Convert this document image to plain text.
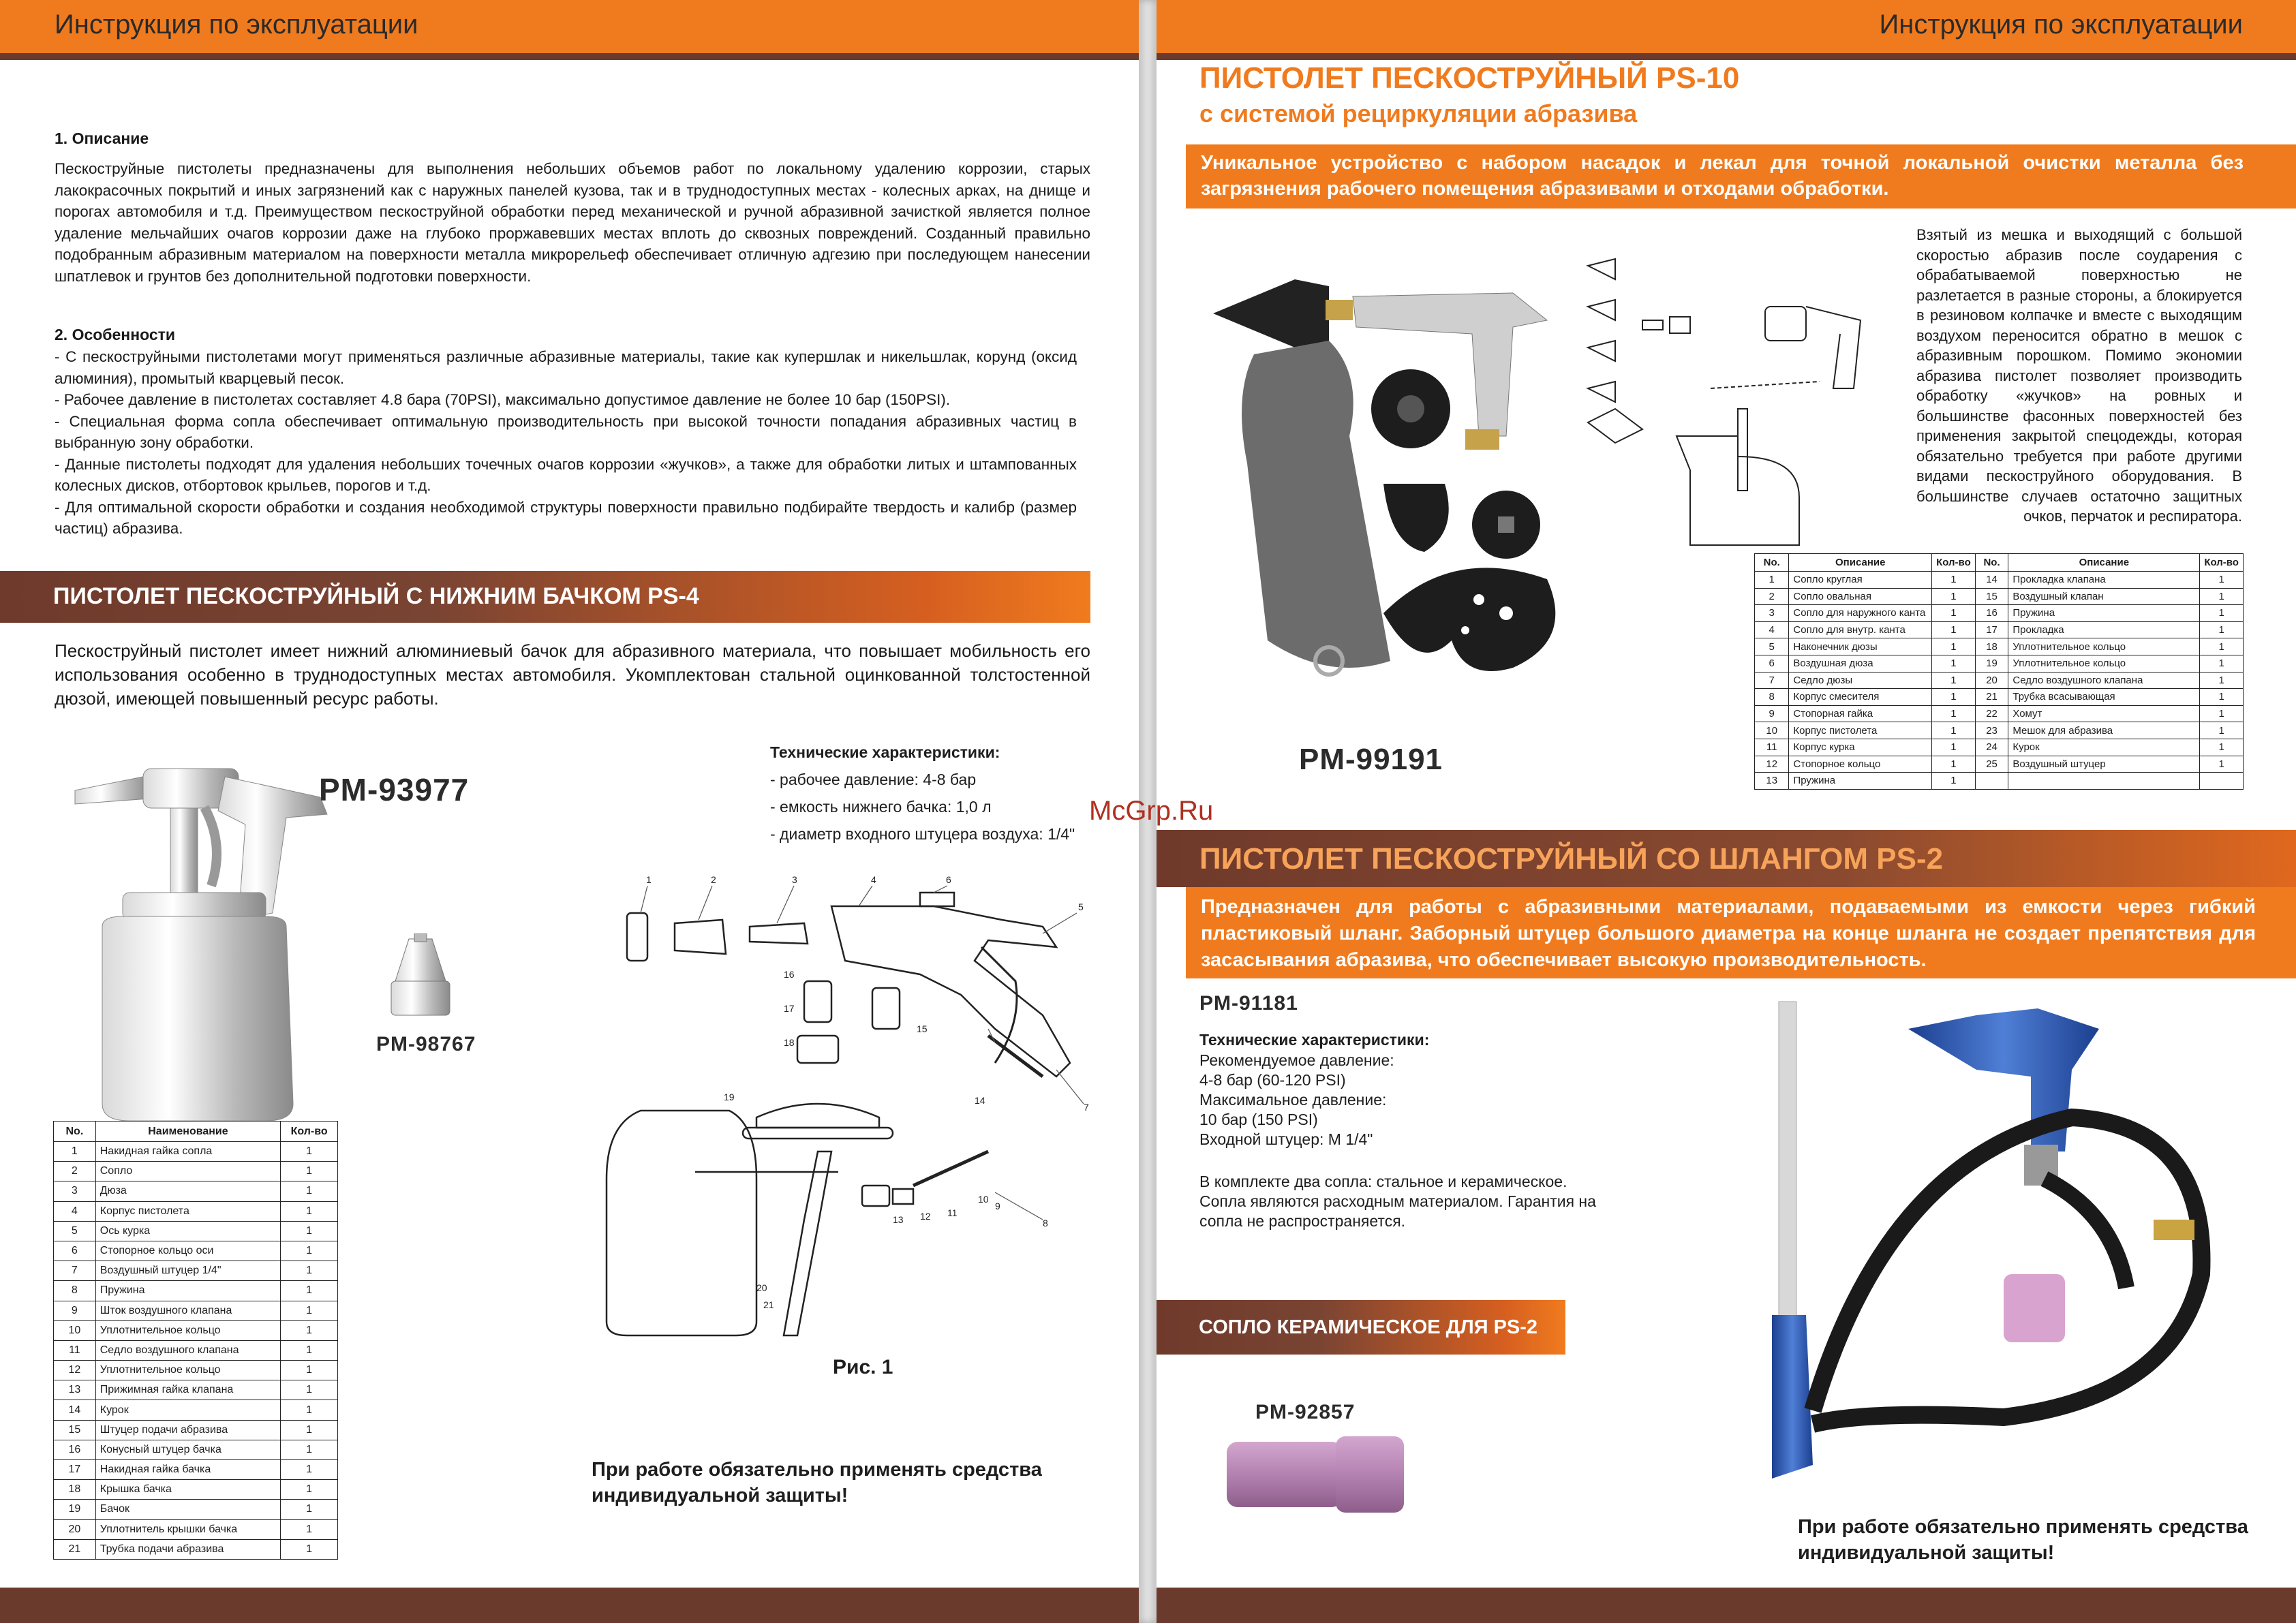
Инструкция по эксплуатации	Инструкция по эксплуатации
1. Описание
Пескоструйные пистолеты предназначены для выполнения небольших объемов работ по локальному удалению коррозии, старых лакокрасочных покрытий и иных загрязнений как с наружных панелей кузова, так и в труднодоступных местах - колесных арках, на днище и порогах автомобиля и т.д. Преимуществом пескоструйной обработки перед механической и ручной абразивной зачисткой является полное удаление мельчайших очагов коррозии даже на глубоко проржавевших местах вплоть до сквозных повреждений. Созданный правильно подобранным абразивным материалом на поверхности металла микрорельеф обеспечивает отличную адгезию при последующем нанесении шпатлевок и грунтов без дополнительной подготовки поверхности.
2. Особенности
- С пескоструйными пистолетами могут применяться различные абразивные материалы, такие как купершлак и никельшлак, корунд (оксид алюминия), промытый кварцевый песок.
- Рабочее давление в пистолетах составляет 4.8 бара (70PSI), максимально допустимое давление не более 10 бар (150PSI).
- Специальная форма сопла обеспечивает оптимальную производительность при высокой точности попадания абразивных частиц в выбранную зону обработки.
- Данные пистолеты подходят для удаления небольших точечных очагов коррозии «жучков», а также для обработки литых и штампованных колесных дисков, отбортовок крыльев, порогов и т.д.
- Для оптимальной скорости обработки и создания необходимой структуры поверхности правильно подбирайте твердость и калибр (размер частиц) абразива.
ПИСТОЛЕТ ПЕСКОСТРУЙНЫЙ С НИЖНИМ БАЧКОМ PS-4
Пескоструйный пистолет имеет нижний алюминиевый бачок для абразивного материала, что повышает мобильность его использования особенно в труднодоступных местах автомобиля. Укомплектован стальной оцинкованной толстостенной дюзой, имеющей повышенный ресурс работы.
PM-93977
PM-98767
Технические характеристики:
- рабочее давление: 4-8 бар
- емкость нижнего бачка: 1,0 л
- диаметр входного штуцера воздуха: 1/4"
1	2	3	4	6
5
7
8
9
10
11
12
13
14
15
16
17
18
19
20
21
Рис. 1
При работе обязательно применять средства
индивидуальной защиты!
No.	Наименование	Кол-во
1	Накидная гайка сопла	1
2	Сопло	1
3	Дюза	1
4	Корпус пистолета	1
5	Ось курка	1
6	Стопорное кольцо оси	1
7	Воздушный штуцер 1/4"	1
8	Пружина	1
9	Шток воздушного клапана	1
10	Уплотнительное кольцо	1
11	Седло воздушного клапана	1
12	Уплотнительное кольцо	1
13	Прижимная гайка клапана	1
14	Курок	1
15	Штуцер подачи абразива	1
16	Конусный штуцер бачка	1
17	Накидная гайка бачка	1
18	Крышка бачка	1
19	Бачок	1
20	Уплотнитель крышки бачка	1
21	Трубка подачи абразива	1
ПИСТОЛЕТ ПЕСКОСТРУЙНЫЙ PS-10
с системой рециркуляции абразива
Уникальное устройство с набором насадок и лекал для точной локальной очистки металла без загрязнения рабочего помещения абразивами и отходами обработки.
PM-99191
Взятый из мешка и выходящий с большой скоростью абразив после соударения с обрабатываемой поверхностью не разлетается в разные стороны, а блокируется в резиновом колпачке и вместе с выходящим воздухом переносится обратно в мешок с абразивным порошком. Помимо экономии абразива пистолет позволяет производить обработку «жучков» на ровных и большинстве фасонных поверхностей без применения закрытой спецодежды, которая обязательно требуется при работе другими видами пескоструйного оборудования. В большинстве случаев остаточно защитных очков, перчаток и респиратора.
No.	Описание	Кол-во	No.	Описание	Кол-во
1	Сопло круглая	1	14	Прокладка клапана	1
2	Сопло овальная	1	15	Воздушный клапан	1
3	Сопло для наружного канта	1	16	Пружина	1
4	Сопло для внутр. канта	1	17	Прокладка	1
5	Наконечник дюзы	1	18	Уплотнительное кольцо	1
6	Воздушная дюза	1	19	Уплотнительное кольцо	1
7	Седло дюзы	1	20	Седло воздушного клапана	1
8	Корпус смесителя	1	21	Трубка всасывающая	1
9	Стопорная гайка	1	22	Хомут	1
10	Корпус пистолета	1	23	Мешок для абразива	1
11	Корпус курка	1	24	Курок	1
12	Стопорное кольцо	1	25	Воздушный штуцер	1
13	Пружина	1			
McGrp.Ru
ПИСТОЛЕТ ПЕСКОСТРУЙНЫЙ СО ШЛАНГОМ PS-2
Предназначен для работы с абразивными материалами, подаваемыми из емкости через гибкий пластиковый шланг. Заборный штуцер большого диаметра на конце шланга не создает препятствия для засасывания абразива, что обеспечивает высокую производительность.
PM-91181
Технические характеристики:
Рекомендуемое давление:
4-8 бар (60-120 PSI)
Максимальное давление:
10 бар (150 PSI)
Входной штуцер: M 1/4"
В комплекте два сопла: стальное и керамическое.
Сопла являются расходным материалом. Гарантия на
сопла не распространяется.
СОПЛО КЕРАМИЧЕСКОЕ ДЛЯ PS-2
PM-92857
При работе обязательно применять средства
индивидуальной защиты!
